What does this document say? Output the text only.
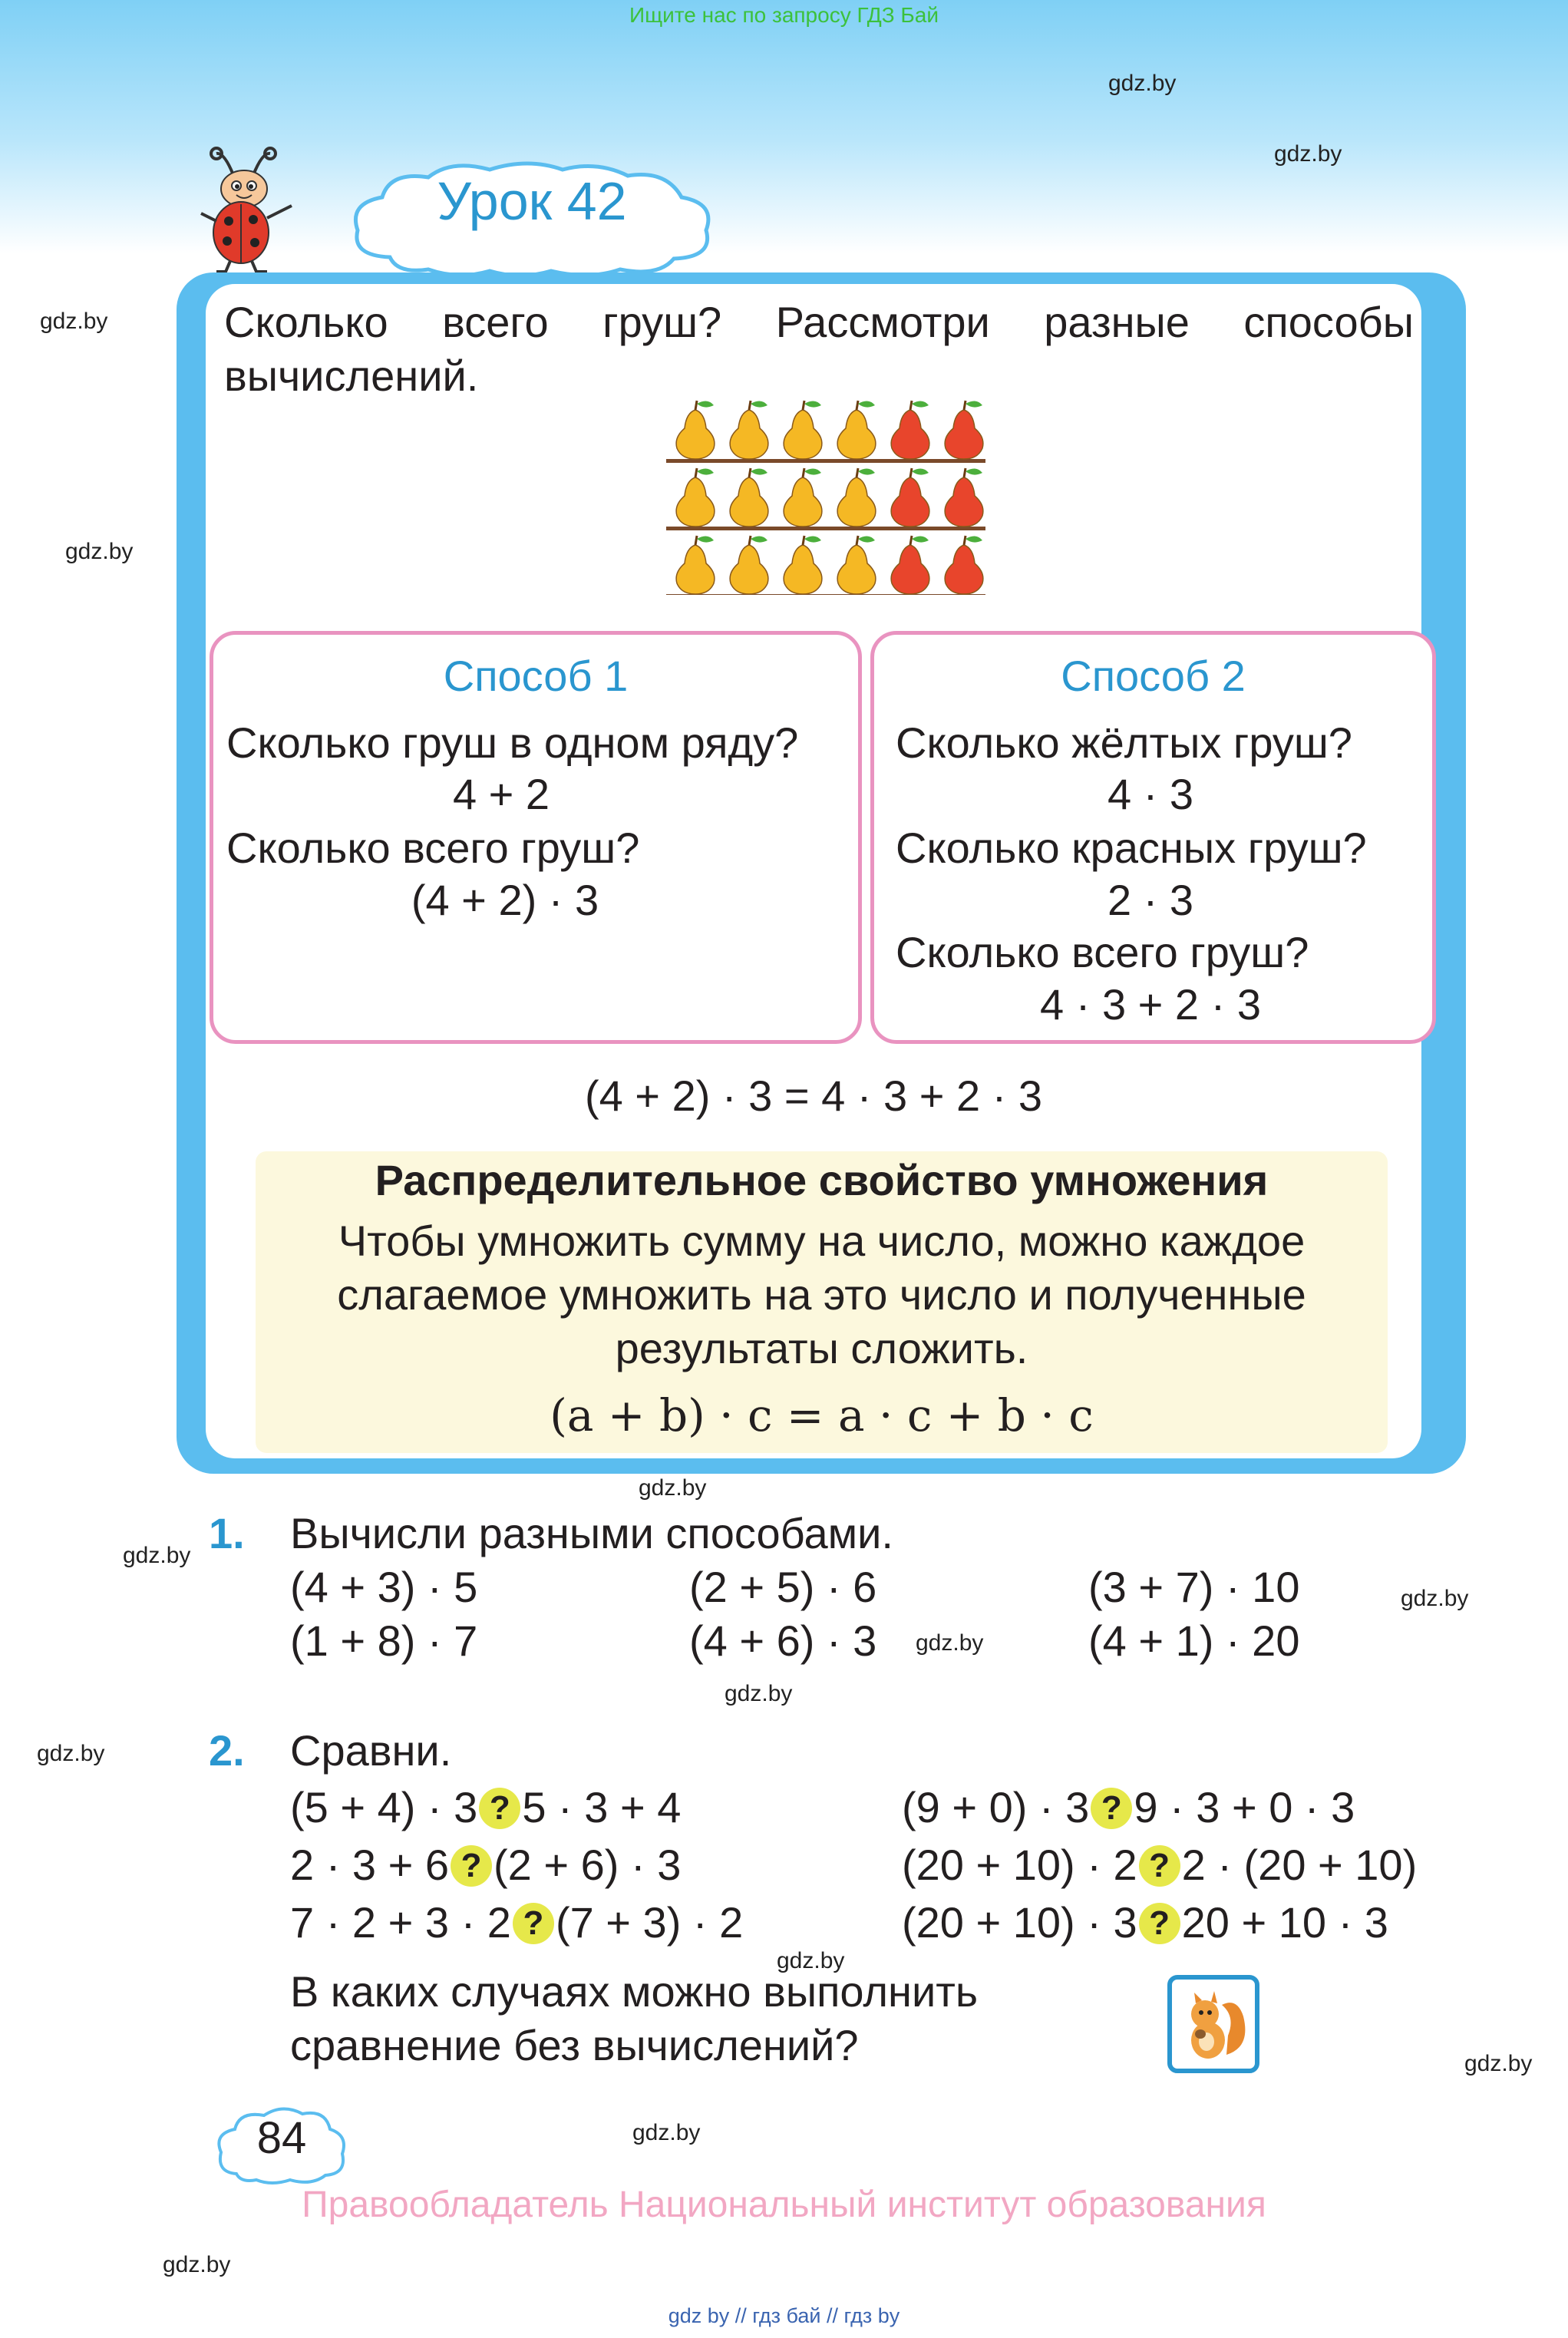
Ищите нас по запросу ГДЗ Бай
gdz.by
gdz.by
gdz.by
gdz.by
gdz.by
gdz.by
gdz.by
gdz.by
gdz.by
gdz.by
gdz.by
gdz.by
gdz.by
gdz.by
Урок 42
Сколько всего груш? Рассмотри разные способы вычислений.
Способ 1
Сколько груш в одном ряду?
4 + 2
Сколько всего груш?
(4 + 2) · 3
Способ 2
Сколько жёлтых груш?
4 · 3
Сколько красных груш?
2 · 3
Сколько всего груш?
4 · 3 + 2 · 3
(4 + 2) · 3 = 4 · 3 + 2 · 3
Распределительное свойство умножения
Чтобы умножить сумму на число, можно каждое слагаемое умножить на это число и полученные результаты сложить.
(a + b) · c = a · c + b · c
1. Вычисли разными способами.
(4 + 3) · 5	(2 + 5) · 6	(3 + 7) · 10
(1 + 8) · 7	(4 + 6) · 3	(4 + 1) · 20
2. Сравни.
(5 + 4) · 3 ? 5 · 3 + 4	(9 + 0) · 3 ? 9 · 3 + 0 · 3
2 · 3 + 6 ? (2 + 6) · 3	(20 + 10) · 2 ? 2 · (20 + 10)
7 · 2 + 3 · 2 ? (7 + 3) · 2	(20 + 10) · 3 ? 20 + 10 · 3
В каких случаях можно выполнить сравнение без вычислений?
84
Правообладатель Национальный институт образования
gdz by // гдз бай // гдз by
